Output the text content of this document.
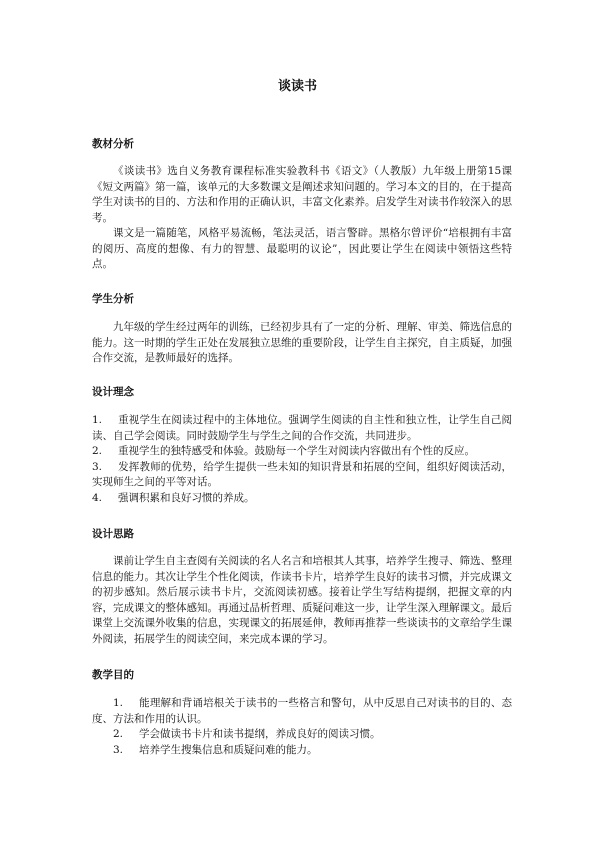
谈读书
教材分析

《谈读书》选自义务教育课程标准实验教科书《语文》（人教版）九年级上册第15课《短文两篇》第一篇，该单元的大多数课文是阐述求知问题的。学习本文的目的，在于提高学生对读书的目的、方法和作用的正确认识，丰富文化素养。启发学生对读书作较深入的思考。

课文是一篇随笔，风格平易流畅，笔法灵活，语言警辟。黑格尔曾评价“培根拥有丰富的阅历、高度的想像、有力的智慧、最聪明的议论”，因此要让学生在阅读中领悟这些特点。

学生分析

九年级的学生经过两年的训练，已经初步具有了一定的分析、理解、审美、筛选信息的能力。这一时期的学生正处在发展独立思维的重要阶段，让学生自主探究，自主质疑，加强合作交流，是教师最好的选择。

设计理念

1. 重视学生在阅读过程中的主体地位。强调学生阅读的自主性和独立性，让学生自己阅读、自己学会阅读。同时鼓励学生与学生之间的合作交流，共同进步。

2. 重视学生的独特感受和体验。鼓励每一个学生对阅读内容做出有个性的反应。

3. 发挥教师的优势，给学生提供一些未知的知识背景和拓展的空间，组织好阅读活动，实现师生之间的平等对话。

4. 强调积累和良好习惯的养成。

设计思路

课前让学生自主查阅有关阅读的名人名言和培根其人其事，培养学生搜寻、筛选、整理信息的能力。其次让学生个性化阅读，作读书卡片，培养学生良好的读书习惯，并完成课文的初步感知。然后展示读书卡片，交流阅读初感。接着让学生写结构提纲，把握文章的内容，完成课文的整体感知。再通过品析哲理、质疑问难这一步，让学生深入理解课文。最后课堂上交流课外收集的信息，实现课文的拓展延伸，教师再推荐一些谈读书的文章给学生课外阅读，拓展学生的阅读空间，来完成本课的学习。

教学目的

1. 能理解和背诵培根关于读书的一些格言和警句，从中反思自己对读书的目的、态度、方法和作用的认识。

2. 学会做读书卡片和读书提纲，养成良好的阅读习惯。

3. 培养学生搜集信息和质疑问难的能力。
